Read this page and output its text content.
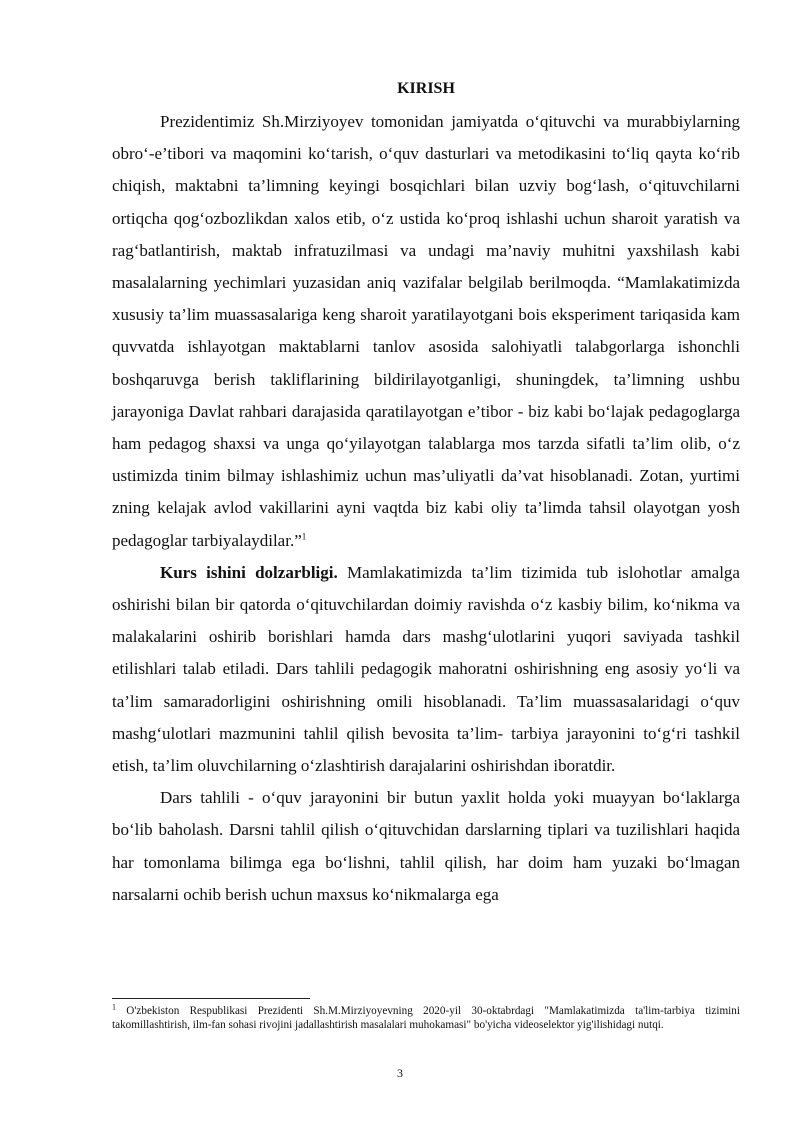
KIRISH

Prezidentimiz Sh.Mirziyoyev tomonidan jamiyatda o‘qituvchi va murabbiylarning obro‘-e’tibori va maqomini ko‘tarish, o‘quv dasturlari va metodikasini to‘liq qayta ko‘rib chiqish, maktabni ta’limning keyingi bosqichlari bilan uzviy bog‘lash, o‘qituvchilarni ortiqcha qog‘ozbozlikdan xalos etib, o‘z ustida ko‘proq ishlashi uchun sharoit yaratish va rag‘batlantirish, maktab infratuzilmasi va undagi ma’naviy muhitni yaxshilash kabi masalalarning yechimlari yuzasidan aniq vazifalar belgilab berilmoqda. “Mamlakatimizda xususiy ta’lim muassasalariga keng sharoit yaratilayotgani bois eksperiment tariqasida kam quvvatda ishlayotgan maktablarni tanlov asosida salohiyatli talabgorlarga ishonchli boshqaruvga berish takliflarining bildirilayotganligi, shuningdek, ta’limning ushbu jarayoniga Davlat rahbari darajasida qaratilayotgan e’tibor - biz kabi bo‘lajak pedagoglarga ham pedagog shaxsi va unga qo‘yilayotgan talablarga mos tarzda sifatli ta’lim olib, o‘z ustimizda tinim bilmay ishlashimiz uchun mas’uliyatli da’vat hisoblanadi. Zotan, yurtimi zning kelajak avlod vakillarini ayni vaqtda biz kabi oliy ta’limda tahsil olayotgan yosh pedagoglar tarbiyalaydilar.”$^1$

Kurs ishini dolzarbligi. Mamlakatimizda ta’lim tizimida tub islohotlar amalga oshirishi bilan bir qatorda o‘qituvchilardan doimiy ravishda o‘z kasbiy bilim, ko‘nikma va malakalarini oshirib borishlari hamda dars mashg‘ulotlarini yuqori saviyada tashkil etilishlari talab etiladi. Dars tahlili pedagogik mahoratni oshirishning eng asosiy yo‘li va ta’lim samaradorligini oshirishning omili hisoblanadi. Ta’lim muassasalaridagi o‘quv mashg‘ulotlari mazmunini tahlil qilish bevosita ta’lim- tarbiya jarayonini to‘g‘ri tashkil etish, ta’lim oluvchilarning o‘zlashtirish darajalarini oshirishdan iboratdir.

Dars tahlili - o‘quv jarayonini bir butun yaxlit holda yoki muayyan bo‘laklarga bo‘lib baholash. Darsni tahlil qilish o‘qituvchidan darslarning tiplari va tuzilishlari haqida har tomonlama bilimga ega bo‘lishni, tahlil qilish, har doim ham yuzaki bo‘lmagan narsalarni ochib berish uchun maxsus ko‘nikmalarga ega

$^1$ O'zbekiston Respublikasi Prezidenti Sh.M.Mirziyoyevning 2020-yil 30-oktabrdagi "Mamlakatimizda ta'lim-tarbiya tizimini takomillashtirish, ilm-fan sohasi rivojini jadallashtirish masalalari muhokamasi" bo'yicha videoselektor yig'ilishidagi nutqi.

3
